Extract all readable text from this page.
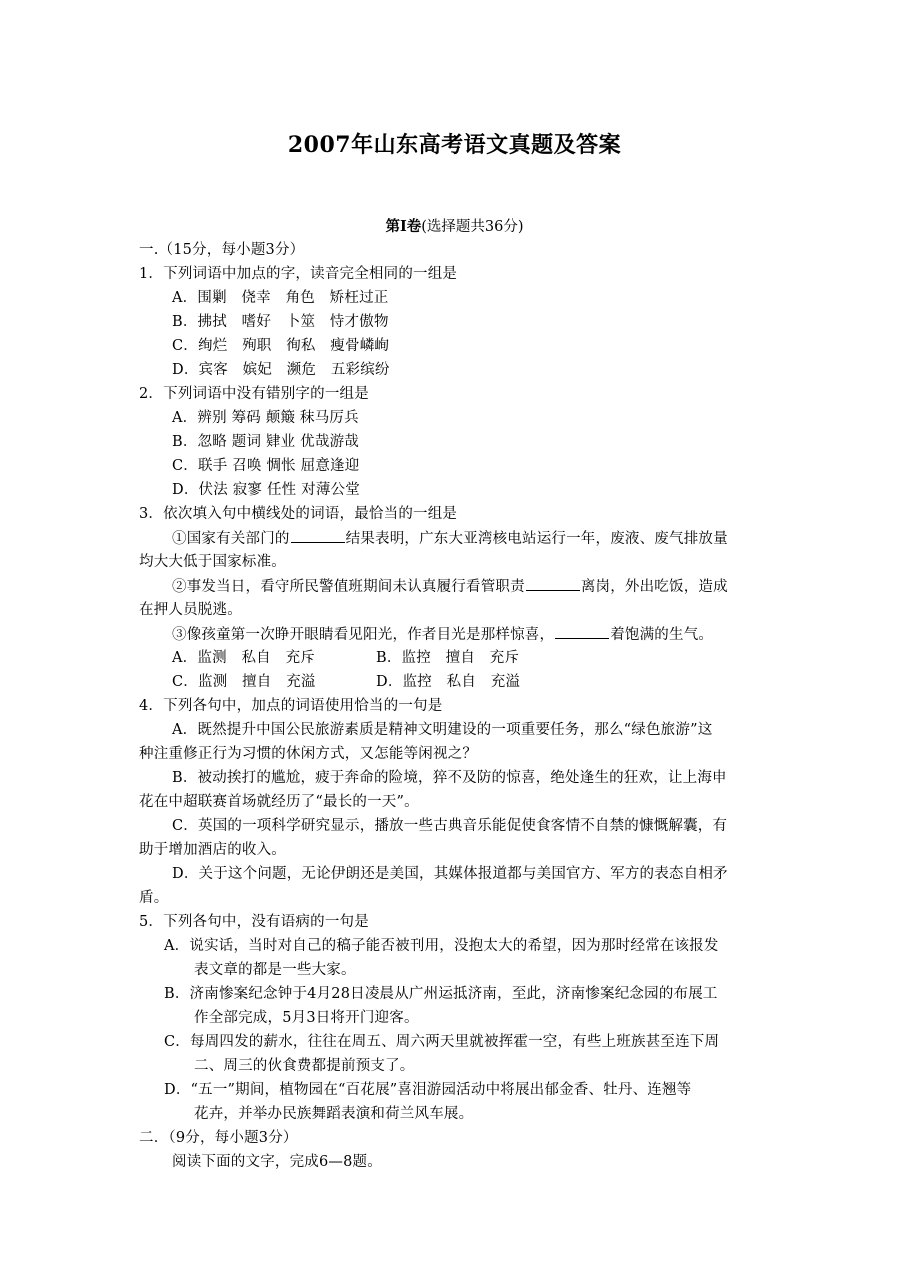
2007年山东高考语文真题及答案
第Ⅰ卷(选择题共36分)
一.（15分，每小题3分）
1．下列词语中加点的字，读音完全相同的一组是
A．围剿　侥幸　角色　矫枉过正
B．拂拭　嗜好　卜筮　恃才傲物
C．绚烂　殉职　徇私　瘦骨嶙峋
D．宾客　嫔妃　濒危　五彩缤纷
2．下列词语中没有错别字的一组是
A．辨别 筹码 颠簸 秣马厉兵
B．忽略 题词 肄业 优哉游哉
C．联手 召唤 惆怅 屈意逢迎
D．伏法 寂寥 任性 对薄公堂
3．依次填入句中横线处的词语，最恰当的一组是
①国家有关部门的	结果表明，广东大亚湾核电站运行一年，废液、废气排放量
均大大低于国家标准。
②事发当日，看守所民警值班期间未认真履行看管职责	离岗，外出吃饭，造成
在押人员脱逃。
③像孩童第一次睁开眼睛看见阳光，作者目光是那样惊喜，	着饱满的生气。
A．监测　私自　充斥	B．监控　擅自　充斥
C．监测　擅自　充溢	D．监控　私自　充溢
4．下列各句中，加点的词语使用恰当的一句是
A．既然提升中国公民旅游素质是精神文明建设的一项重要任务，那么“绿色旅游”这
种注重修正行为习惯的休闲方式，又怎能等闲视之？
B．被动挨打的尴尬，疲于奔命的险境，猝不及防的惊喜，绝处逢生的狂欢，让上海申
花在中超联赛首场就经历了“最长的一天”。
C．英国的一项科学研究显示，播放一些古典音乐能促使食客情不自禁的慷慨解囊，有
助于增加酒店的收入。
D．关于这个问题，无论伊朗还是美国，其媒体报道都与美国官方、军方的表态自相矛
盾。
5．下列各句中，没有语病的一句是
A．说实话，当时对自己的稿子能否被刊用，没抱太大的希望，因为那时经常在该报发
表文章的都是一些大家。
B．济南惨案纪念钟于4月28日凌晨从广州运抵济南，至此，济南惨案纪念园的布展工
作全部完成，5月3日将开门迎客。
C．每周四发的薪水，往往在周五、周六两天里就被挥霍一空，有些上班族甚至连下周
二、周三的伙食费都提前预支了。
D．“五一”期间，植物园在“百花展”喜泪游园活动中将展出郁金香、牡丹、连翘等
花卉，并举办民族舞蹈表演和荷兰风车展。
二．（9分，每小题3分）
阅读下面的文字，完成6—8题。
